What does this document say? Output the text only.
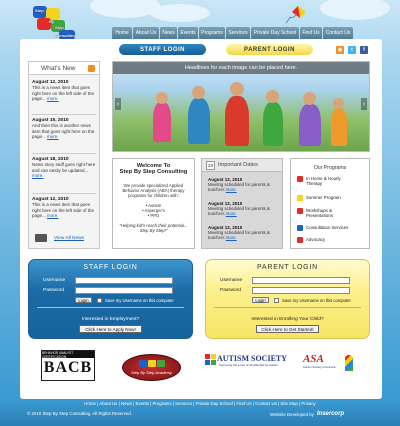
Step
By
Step
Consulting	Home	About Us	News	Events	Programs	Services	Private Day School	Find Us	Contact Us
STAFF LOGIN	PARENT LOGIN	◉	t	f
What's New
August 12, 2010
This is a news item that goes right here on the left side of the page... more.
August 15, 2010
And then this is another news item that goes right here on the page... more.
August 18, 2010
News story stuff goes right here and can easily be updated... more.
August 12, 2010
This is a news item that goes right here on the left side of the page... more.
View All News
Headlines for each image can be placed here.
‹	›
Welcome To
Step By Step Consulting
We provide specialized Applied Behavior Analysis (ABA) therapy programs for children with:
• Autism
• Asperger's
• PPD
"Helping kid's reach their potential... Step By Step!"
Important Dates
23
August 12, 2010
Meeting scheduled for parents & teachers more.
August 12, 2010
Meeting scheduled for parents & teachers more.
August 12, 2010
Meeting scheduled for parents & teachers more.
Our Programs
In Home & Hourly Therapy
Summer Program
Workshops & Presentations
Consultation Services
Advocacy
STAFF LOGIN
Username
Password
Login	Save my Username on this computer
Interested in Employment?
Click Here to Apply Now!
PARENT LOGIN
Username
Password
Login	Save my Username on this computer
Interested in Enrolling Your Child?
Click Here to Get Started!
BEHAVIOR ANALYST CERTIFICATION
BACB	Step By Step Academy
AUTISM SOCIETY
Improving the Lives of All Affected by Autism ASA
Autism Society of America
Home | About Us | News | Events | Programs | Services | Private Day School | Find Us | Contact Us | Site Map | Privacy
© 2010 Step By Step Consulting. All Rights Reserved.	Website Developed by Insercorp
